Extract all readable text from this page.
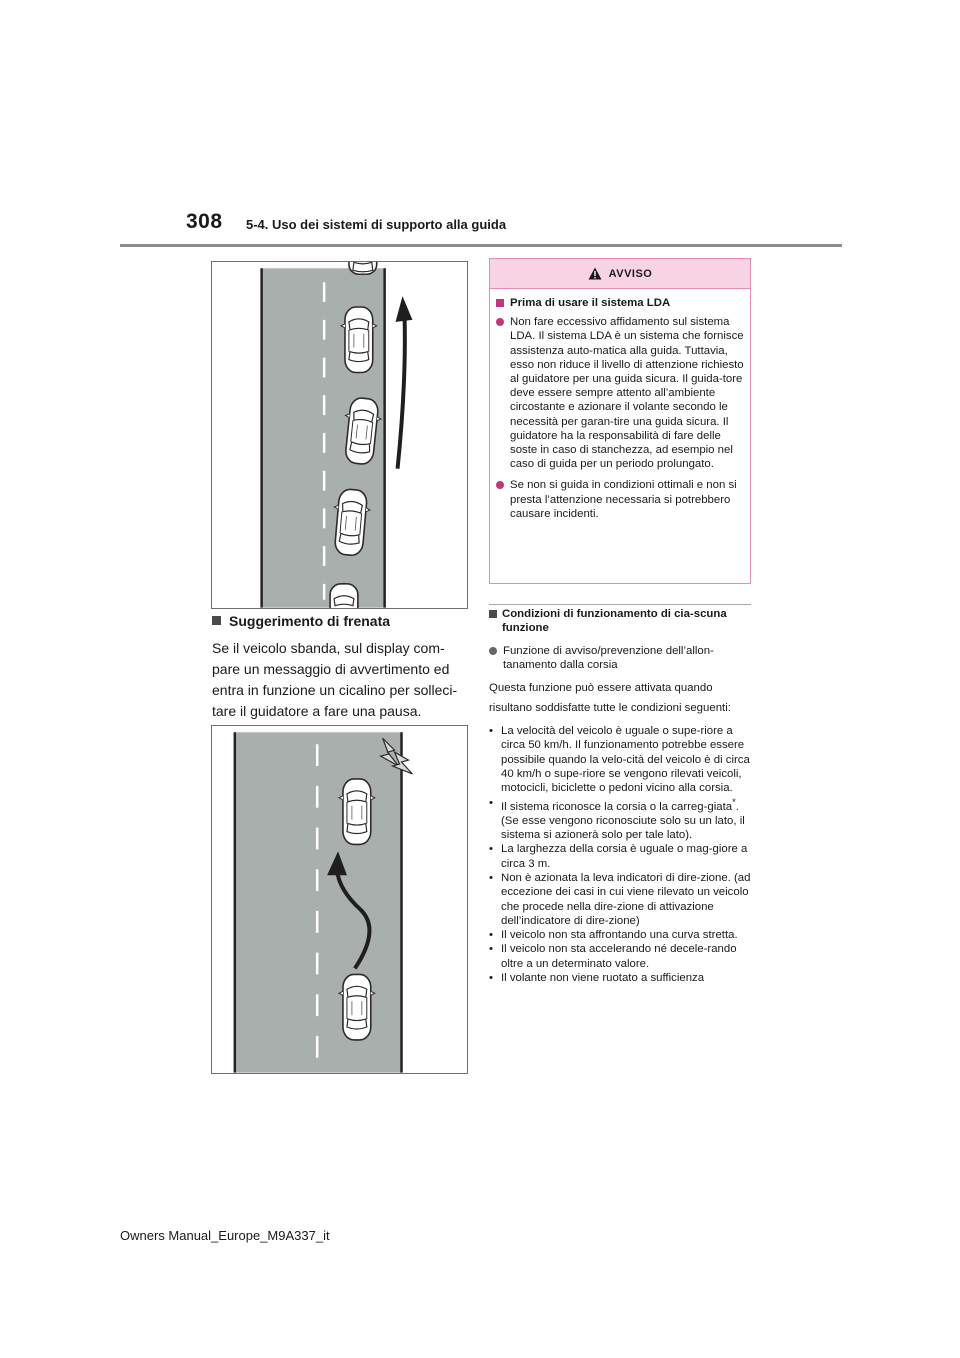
308 5-4. Uso dei sistemi di supporto alla guida
Suggerimento di frenata
Se il veicolo sbanda, sul display com-pare un messaggio di avvertimento ed entra in funzione un cicalino per solleci-tare il guidatore a fare una pausa.
AVVISO
Prima di usare il sistema LDA
Non fare eccessivo affidamento sul sistema LDA. Il sistema LDA è un sistema che fornisce assistenza auto-matica alla guida. Tuttavia, esso non riduce il livello di attenzione richiesto al guidatore per una guida sicura. Il guida-tore deve essere sempre attento all’ambiente circostante e azionare il volante secondo le necessità per garan-tire una guida sicura. Il guidatore ha la responsabilità di fare delle soste in caso di stanchezza, ad esempio nel caso di guida per un periodo prolungato.
Se non si guida in condizioni ottimali e non si presta l’attenzione necessaria si potrebbero causare incidenti.
Condizioni di funzionamento di cia-scuna funzione
Funzione di avviso/prevenzione dell’allon-tanamento dalla corsia

Questa funzione può essere attivata quando risultano soddisfatte tutte le condizioni seguenti:

• La velocità del veicolo è uguale o supe-riore a circa 50 km/h. Il funzionamento potrebbe essere possibile quando la velo-cità del veicolo è di circa 40 km/h o supe-riore se vengono rilevati veicoli, motocicli, biciclette o pedoni vicino alla corsia.
• Il sistema riconosce la corsia o la carreg-giata*. (Se esse vengono riconosciute solo su un lato, il sistema si azionerà solo per tale lato).
• La larghezza della corsia è uguale o mag-giore a circa 3 m.
• Non è azionata la leva indicatori di dire-zione. (ad eccezione dei casi in cui viene rilevato un veicolo che procede nella dire-zione di attivazione dell’indicatore di dire-zione)
• Il veicolo non sta affrontando una curva stretta.
• Il veicolo non sta accelerando né decele-rando oltre a un determinato valore.
• Il volante non viene ruotato a sufficienza
Owners Manual_Europe_M9A337_it
